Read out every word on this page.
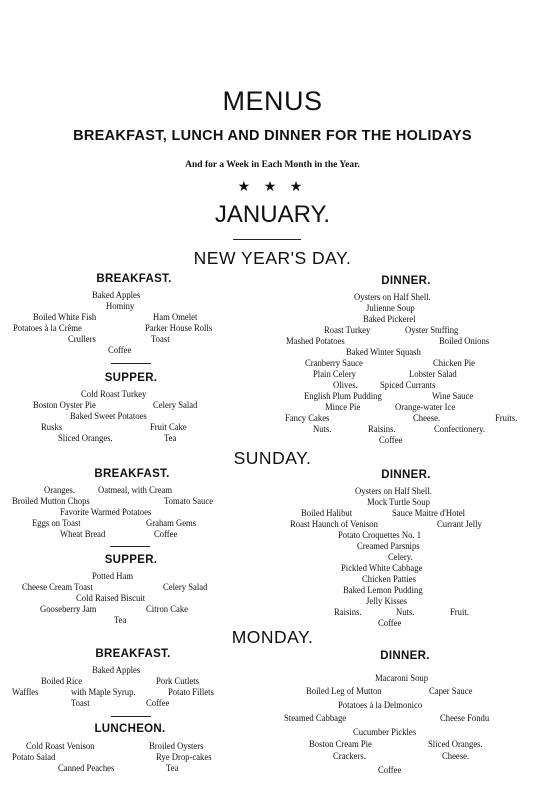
MENUS
BREAKFAST, LUNCH AND DINNER FOR THE HOLIDAYS
And for a Week in Each Month in the Year.
★ ★ ★
JANUARY.
NEW YEAR'S DAY.
BREAKFAST.
Baked Apples
Hominy
Boiled White Fish	Ham Omelet
Potatoes à la Crême	Parker House Rolls
Crullers	Toast
Coffee
SUPPER.
Cold Roast Turkey
Boston Oyster Pie	Celery Salad
Baked Sweet Potatoes
Rusks	Fruit Cake
Sliced Oranges.	Tea
DINNER.
Oysters on Half Shell.
Julienne Soup
Baked Pickerel
Roast Turkey	Oyster Stuffing
Mashed Potatoes	Boiled Onions
Baked Winter Squash
Cranberry Sauce	Chicken Pie
Plain Celery	Lobster Salad
Olives. Spiced Currants
English Plum Pudding	Wine Sauce
Mince Pie	Orange-water Ice
Fancy Cakes	Cheese.	Fruits.
Nuts.	Raisins.	Confectionery.
Coffee
SUNDAY.
BREAKFAST.
Oranges.	Oatmeal, with Cream
Broiled Mutton Chops	Tomato Sauce
Favorite Warmed Potatoes
Eggs on Toast	Graham Gems
Wheat Bread	Coffee
SUPPER.
Potted Ham
Cheese Cream Toast	Celery Salad
Cold Raised Biscuit
Gooseberry Jam	Citron Cake
Tea
DINNER.
Oysters on Half Shell.
Mock Turtle Soup
Boiled Halibut	Sauce Maitre d'Hotel
Roast Haunch of Venison	Currant Jelly
Potato Croquettes No. 1
Creamed Parsnips
Celery.
Pickled White Cabbage
Chicken Patties
Baked Lemon Pudding
Jelly Kisses
Raisins.	Nuts.	Fruit.
Coffee
MONDAY.
BREAKFAST.
Baked Apples
Boiled Rice	Pork Cutlets
Waffles	with Maple Syrup.	Potato Fillets
Toast	Coffee
LUNCHEON.
Cold Roast Venison	Broiled Oysters
Potato Salad	Rye Drop-cakes
Canned Peaches	Tea
DINNER.
Macaroni Soup
Boiled Leg of Mutton	Caper Sauce
Potatoes á la Delmonico
Steamed Cabbage	Cheese Fondu
Cucumber Pickles
Boston Cream Pie	Sliced Oranges.
Crackers.	Cheese.
Coffee
